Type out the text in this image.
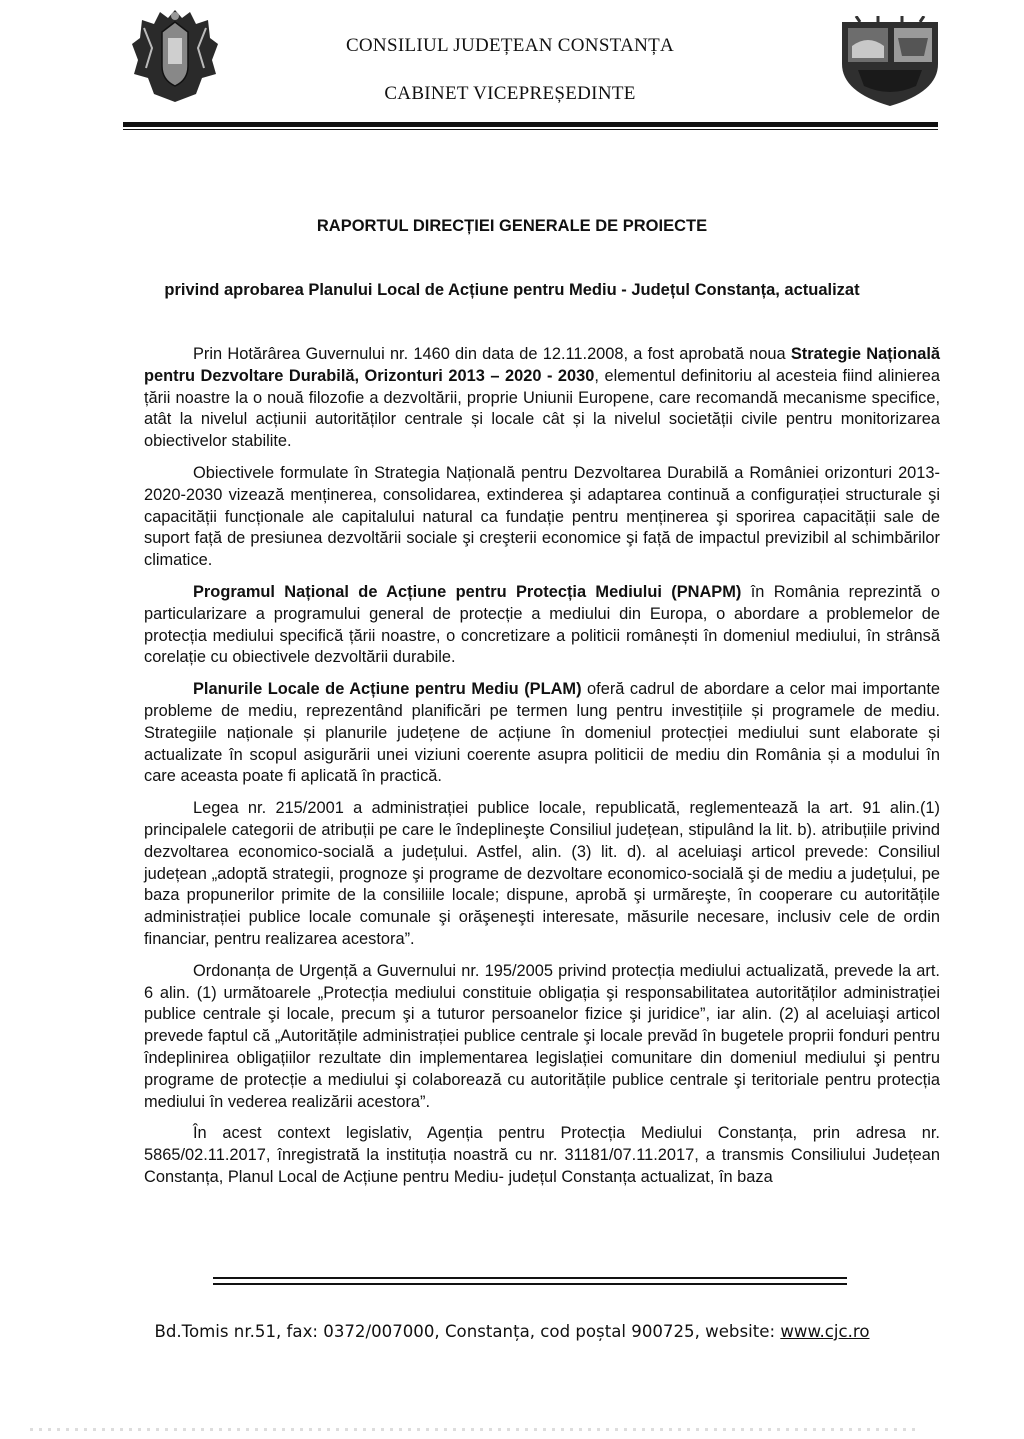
CONSILIUL JUDEȚEAN CONSTANȚA
CABINET VICEPREȘEDINTE
RAPORTUL DIRECȚIEI GENERALE DE PROIECTE
privind aprobarea Planului Local de Acțiune pentru Mediu - Județul Constanța, actualizat

Prin Hotărârea Guvernului nr. 1460 din data de 12.11.2008, a fost aprobată noua Strategie Națională pentru Dezvoltare Durabilă, Orizonturi 2013 – 2020 - 2030, elementul definitoriu al acesteia fiind alinierea țării noastre la o nouă filozofie a dezvoltării, proprie Uniunii Europene, care recomandă mecanisme specifice, atât la nivelul acțiunii autorităților centrale și locale cât și la nivelul societății civile pentru monitorizarea obiectivelor stabilite.

Obiectivele formulate în Strategia Națională pentru Dezvoltarea Durabilă a României orizonturi 2013-2020-2030 vizează menținerea, consolidarea, extinderea şi adaptarea continuă a configurației structurale şi capacității funcționale ale capitalului natural ca fundație pentru menținerea şi sporirea capacității sale de suport față de presiunea dezvoltării sociale şi creşterii economice şi față de impactul previzibil al schimbărilor climatice.

Programul Național de Acțiune pentru Protecția Mediului (PNAPM) în România reprezintă o particularizare a programului general de protecție a mediului din Europa, o abordare a problemelor de protecția mediului specifică țării noastre, o concretizare a politicii românești în domeniul mediului, în strânsă corelație cu obiectivele dezvoltării durabile.

Planurile Locale de Acțiune pentru Mediu (PLAM) oferă cadrul de abordare a celor mai importante probleme de mediu, reprezentând planificări pe termen lung pentru investițiile și programele de mediu. Strategiile naționale și planurile județene de acțiune în domeniul protecției mediului sunt elaborate și actualizate în scopul asigurării unei viziuni coerente asupra politicii de mediu din România și a modului în care aceasta poate fi aplicată în practică.

Legea nr. 215/2001 a administrației publice locale, republicată, reglementează la art. 91 alin.(1) principalele categorii de atribuții pe care le îndeplineşte Consiliul județean, stipulând la lit. b). atribuțiile privind dezvoltarea economico-socială a județului. Astfel, alin. (3) lit. d). al aceluiaşi articol prevede: Consiliul județean „adoptă strategii, prognoze şi programe de dezvoltare economico-socială şi de mediu a județului, pe baza propunerilor primite de la consiliile locale; dispune, aprobă şi urmăreşte, în cooperare cu autoritățile administrației publice locale comunale şi orăşeneşti interesate, măsurile necesare, inclusiv cele de ordin financiar, pentru realizarea acestora”.

Ordonanța de Urgență a Guvernului nr. 195/2005 privind protecția mediului actualizată, prevede la art. 6 alin. (1) următoarele „Protecția mediului constituie obligația şi responsabilitatea autorităților administrației publice centrale şi locale, precum şi a tuturor persoanelor fizice şi juridice”, iar alin. (2) al aceluiaşi articol prevede faptul că „Autoritățile administrației publice centrale şi locale prevăd în bugetele proprii fonduri pentru îndeplinirea obligațiilor rezultate din implementarea legislației comunitare din domeniul mediului şi pentru programe de protecție a mediului şi colaborează cu autoritățile publice centrale şi teritoriale pentru protecția mediului în vederea realizării acestora”.

În acest context legislativ, Agenția pentru Protecția Mediului Constanța, prin adresa nr. 5865/02.11.2017, înregistrată la instituția noastră cu nr. 31181/07.11.2017, a transmis Consiliului Județean Constanța, Planul Local de Acțiune pentru Mediu- județul Constanța actualizat, în baza

Bd.Tomis nr.51, fax: 0372/007000, Constanța, cod poștal 900725, website: www.cjc.ro
